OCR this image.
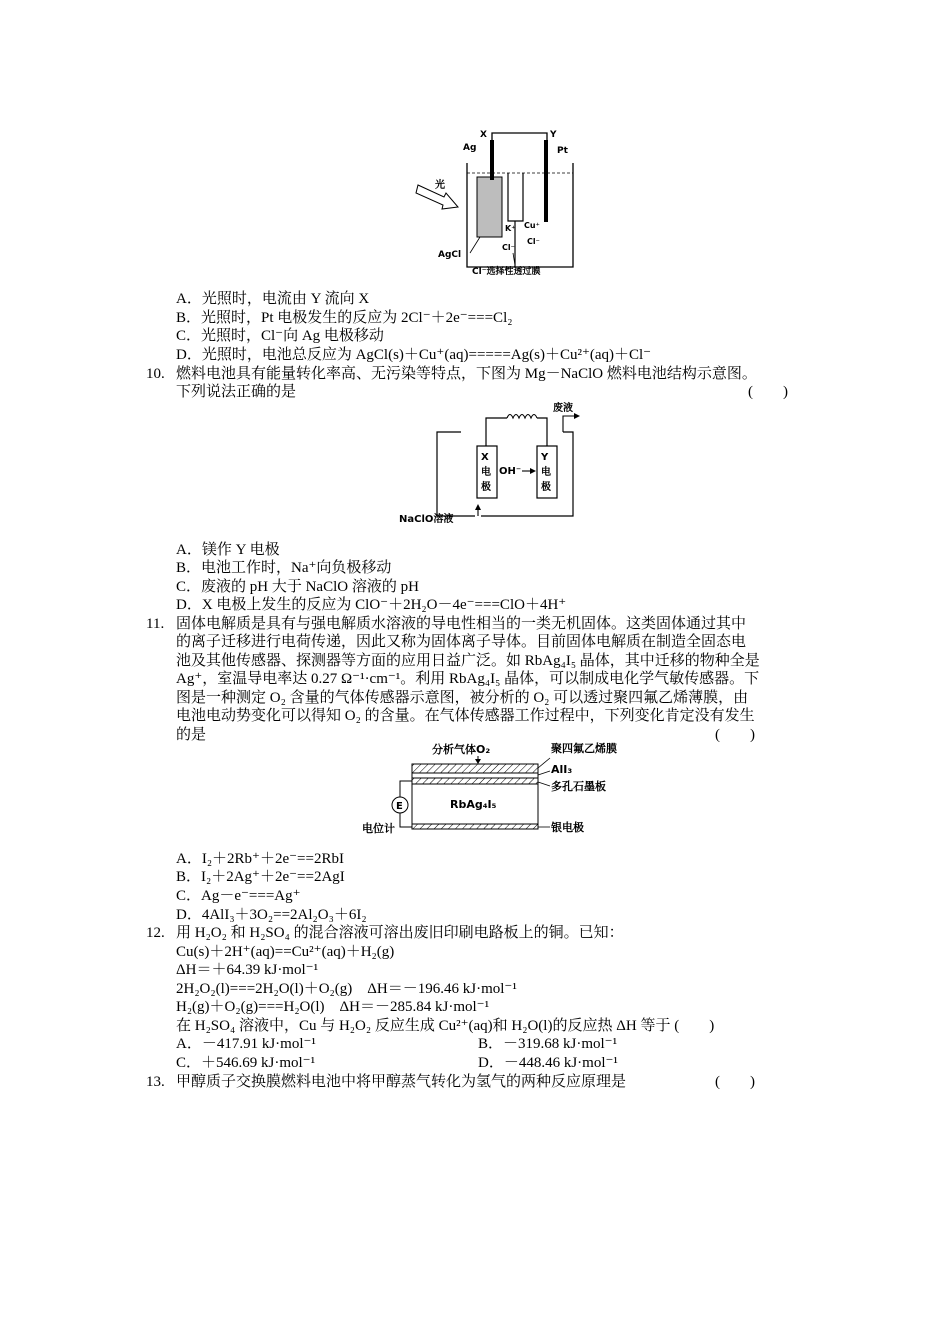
X	Y
Ag	Pt
光
K⁺
Cl⁻
Cu⁺
Cl⁻
AgCl
Cl⁻选择性透过膜
A．光照时，电流由 Y 流向 X
B．光照时，Pt 电极发生的反应为 2Cl⁻＋2e⁻===Cl₂
C．光照时，Cl⁻向 Ag 电极移动
D．光照时，电池总反应为 AgCl(s)＋Cu⁺(aq)=====Ag(s)＋Cu²⁺(aq)＋Cl⁻
10. 燃料电池具有能量转化率高、无污染等特点，下图为 Mg－NaClO 燃料电池结构示意图。
下列说法正确的是	(　　)
X
电
极
Y
电
极
OH⁻
废液
NaClO溶液
A．镁作 Y 电极
B．电池工作时，Na⁺向负极移动
C．废液的 pH 大于 NaClO 溶液的 pH
D．X 电极上发生的反应为 ClO⁻＋2H₂O－4e⁻===ClO＋4H⁺
11. 固体电解质是具有与强电解质水溶液的导电性相当的一类无机固体。这类固体通过其中
的离子迁移进行电荷传递，因此又称为固体离子导体。目前固体电解质在制造全固态电
池及其他传感器、探测器等方面的应用日益广泛。如 RbAg₄I₅ 晶体，其中迁移的物种全是
Ag⁺，室温导电率达 0.27 Ω⁻¹·cm⁻¹。利用 RbAg₄I₅ 晶体，可以制成电化学气敏传感器。下
图是一种测定 O₂ 含量的气体传感器示意图，被分析的 O₂ 可以透过聚四氟乙烯薄膜，由
电池电动势变化可以得知 O₂ 的含量。在气体传感器工作过程中，下列变化肯定没有发生
的是	(　　)
RbAg₄I₅
分析气体O₂	聚四氟乙烯膜
AlI₃
多孔石墨板
银电极
E
电位计
A．I₂＋2Rb⁺＋2e⁻==2RbI
B．I₂＋2Ag⁺＋2e⁻==2AgI
C．Ag－e⁻===Ag⁺
D．4AlI₃＋3O₂==2Al₂O₃＋6I₂
12. 用 H₂O₂ 和 H₂SO₄ 的混合溶液可溶出废旧印刷电路板上的铜。已知：
Cu(s)＋2H⁺(aq)==Cu²⁺(aq)＋H₂(g)
ΔH＝＋64.39 kJ·mol⁻¹
2H₂O₂(l)===2H₂O(l)＋O₂(g)　ΔH＝－196.46 kJ·mol⁻¹
H₂(g)＋O₂(g)===H₂O(l)　ΔH＝－285.84 kJ·mol⁻¹
在 H₂SO₄ 溶液中，Cu 与 H₂O₂ 反应生成 Cu²⁺(aq)和 H₂O(l)的反应热 ΔH 等于 (　　)
A．－417.91 kJ·mol⁻¹	B．－319.68 kJ·mol⁻¹
C．＋546.69 kJ·mol⁻¹	D．－448.46 kJ·mol⁻¹
13. 甲醇质子交换膜燃料电池中将甲醇蒸气转化为氢气的两种反应原理是	(　　)
